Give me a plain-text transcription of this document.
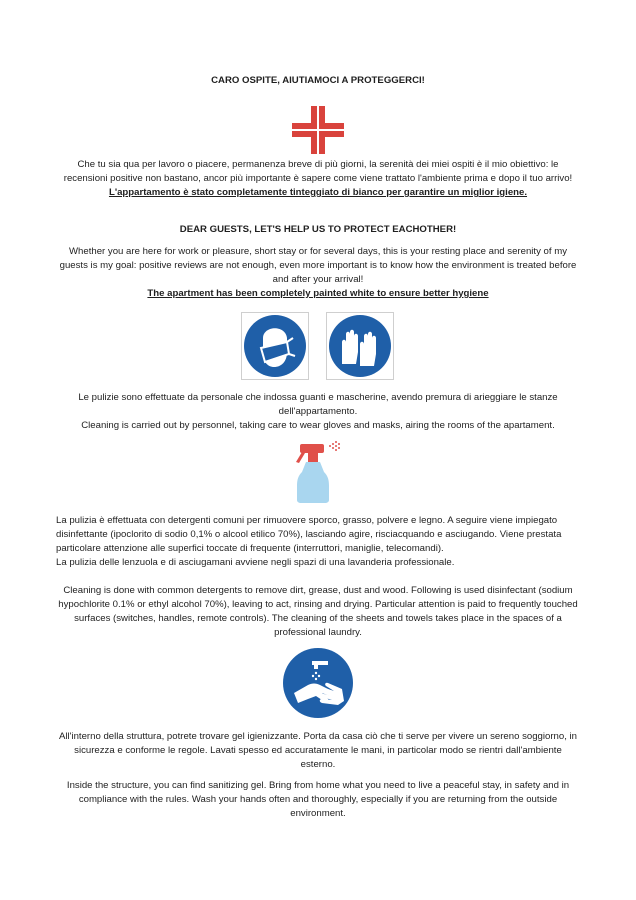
CARO OSPITE, AIUTIAMOCI A PROTEGGERCI!
Che tu sia qua per lavoro o piacere, permanenza breve di più giorni, la serenità dei miei ospiti è il mio obiettivo: le recensioni positive non bastano, ancor più importante è sapere come viene trattato l'ambiente prima e dopo il tuo arrivo!
L'appartamento è stato completamente tinteggiato di bianco per garantire un miglior igiene.
DEAR GUESTS, LET'S HELP US TO PROTECT EACHOTHER!
Whether you are here for work or pleasure, short stay or for several days, this is your resting place and serenity of my guests is my goal: positive reviews are not enough, even more important is to know how the environment is treated before and after your arrival!
The apartment has been completely painted white to ensure better hygiene
Le pulizie sono effettuate da personale che indossa guanti e mascherine, avendo premura di arieggiare le stanze dell'appartamento.
Cleaning is carried out by personnel, taking care to wear gloves and masks, airing the rooms of the apartament.
La pulizia è effettuata con detergenti comuni per rimuovere sporco, grasso, polvere e legno. A seguire viene impiegato disinfettante (ipoclorito di sodio 0,1% o alcool etilico 70%), lasciando agire, risciacquando e asciugando. Viene prestata particolare attenzione alle superfici toccate di frequente (interruttori, maniglie, telecomandi).
La pulizia delle lenzuola e di asciugamani avviene negli spazi di una lavanderia professionale.
Cleaning is done with common detergents to remove dirt, grease, dust and wood. Following is used disinfectant (sodium hypochlorite 0.1% or ethyl alcohol 70%), leaving to act, rinsing and drying. Particular attention is paid to frequently touched surfaces (switches, handles, remote controls). The cleaning of the sheets and towels takes place in the spaces of a professional laundry.
All'interno della struttura, potrete trovare gel igienizzante. Porta da casa ciò che ti serve per vivere un sereno soggiorno, in sicurezza e conforme le regole. Lavati spesso ed accuratamente le mani, in particolar modo se rientri dall'ambiente esterno.
Inside the structure, you can find sanitizing gel. Bring from home what you need to live a peaceful stay, in safety and in compliance with the rules. Wash your hands often and thoroughly, especially if you are returning from the outside environment.
